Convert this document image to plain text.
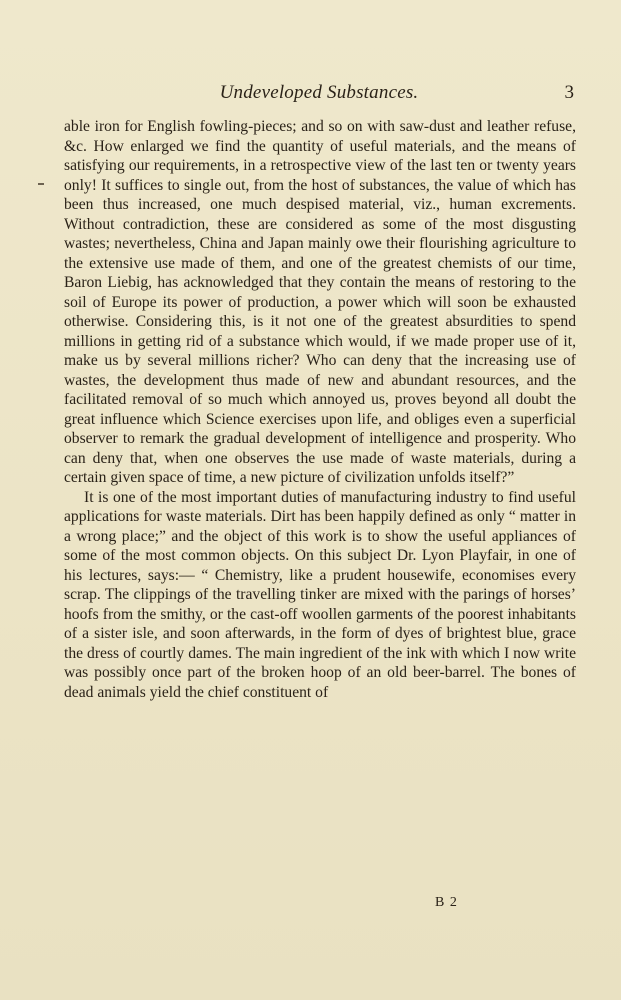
Undeveloped Substances.	3

able iron for English fowling-pieces; and so on with saw-dust and leather refuse, &c. How enlarged we find the quantity of useful materials, and the means of satisfying our requirements, in a retrospective view of the last ten or twenty years only! It suffices to single out, from the host of substances, the value of which has been thus increased, one much despised material, viz., human excrements. Without contradiction, these are considered as some of the most disgusting wastes; nevertheless, China and Japan mainly owe their flourishing agriculture to the extensive use made of them, and one of the greatest chemists of our time, Baron Liebig, has acknowledged that they contain the means of restoring to the soil of Europe its power of production, a power which will soon be exhausted otherwise. Considering this, is it not one of the greatest absurdities to spend millions in getting rid of a substance which would, if we made proper use of it, make us by several millions richer? Who can deny that the increasing use of wastes, the development thus made of new and abundant resources, and the facilitated removal of so much which annoyed us, proves beyond all doubt the great influence which Science exercises upon life, and obliges even a superficial observer to remark the gradual development of intelligence and prosperity. Who can deny that, when one observes the use made of waste materials, during a certain given space of time, a new picture of civilization unfolds itself?”

It is one of the most important duties of manufacturing industry to find useful applications for waste materials. Dirt has been happily defined as only “ matter in a wrong place;” and the object of this work is to show the useful appliances of some of the most common objects. On this subject Dr. Lyon Playfair, in one of his lectures, says:— “ Chemistry, like a prudent housewife, economises every scrap. The clippings of the travelling tinker are mixed with the parings of horses’ hoofs from the smithy, or the cast-off woollen garments of the poorest inhabitants of a sister isle, and soon afterwards, in the form of dyes of brightest blue, grace the dress of courtly dames. The main ingredient of the ink with which I now write was possibly once part of the broken hoop of an old beer-barrel. The bones of dead animals yield the chief constituent of

B 2
